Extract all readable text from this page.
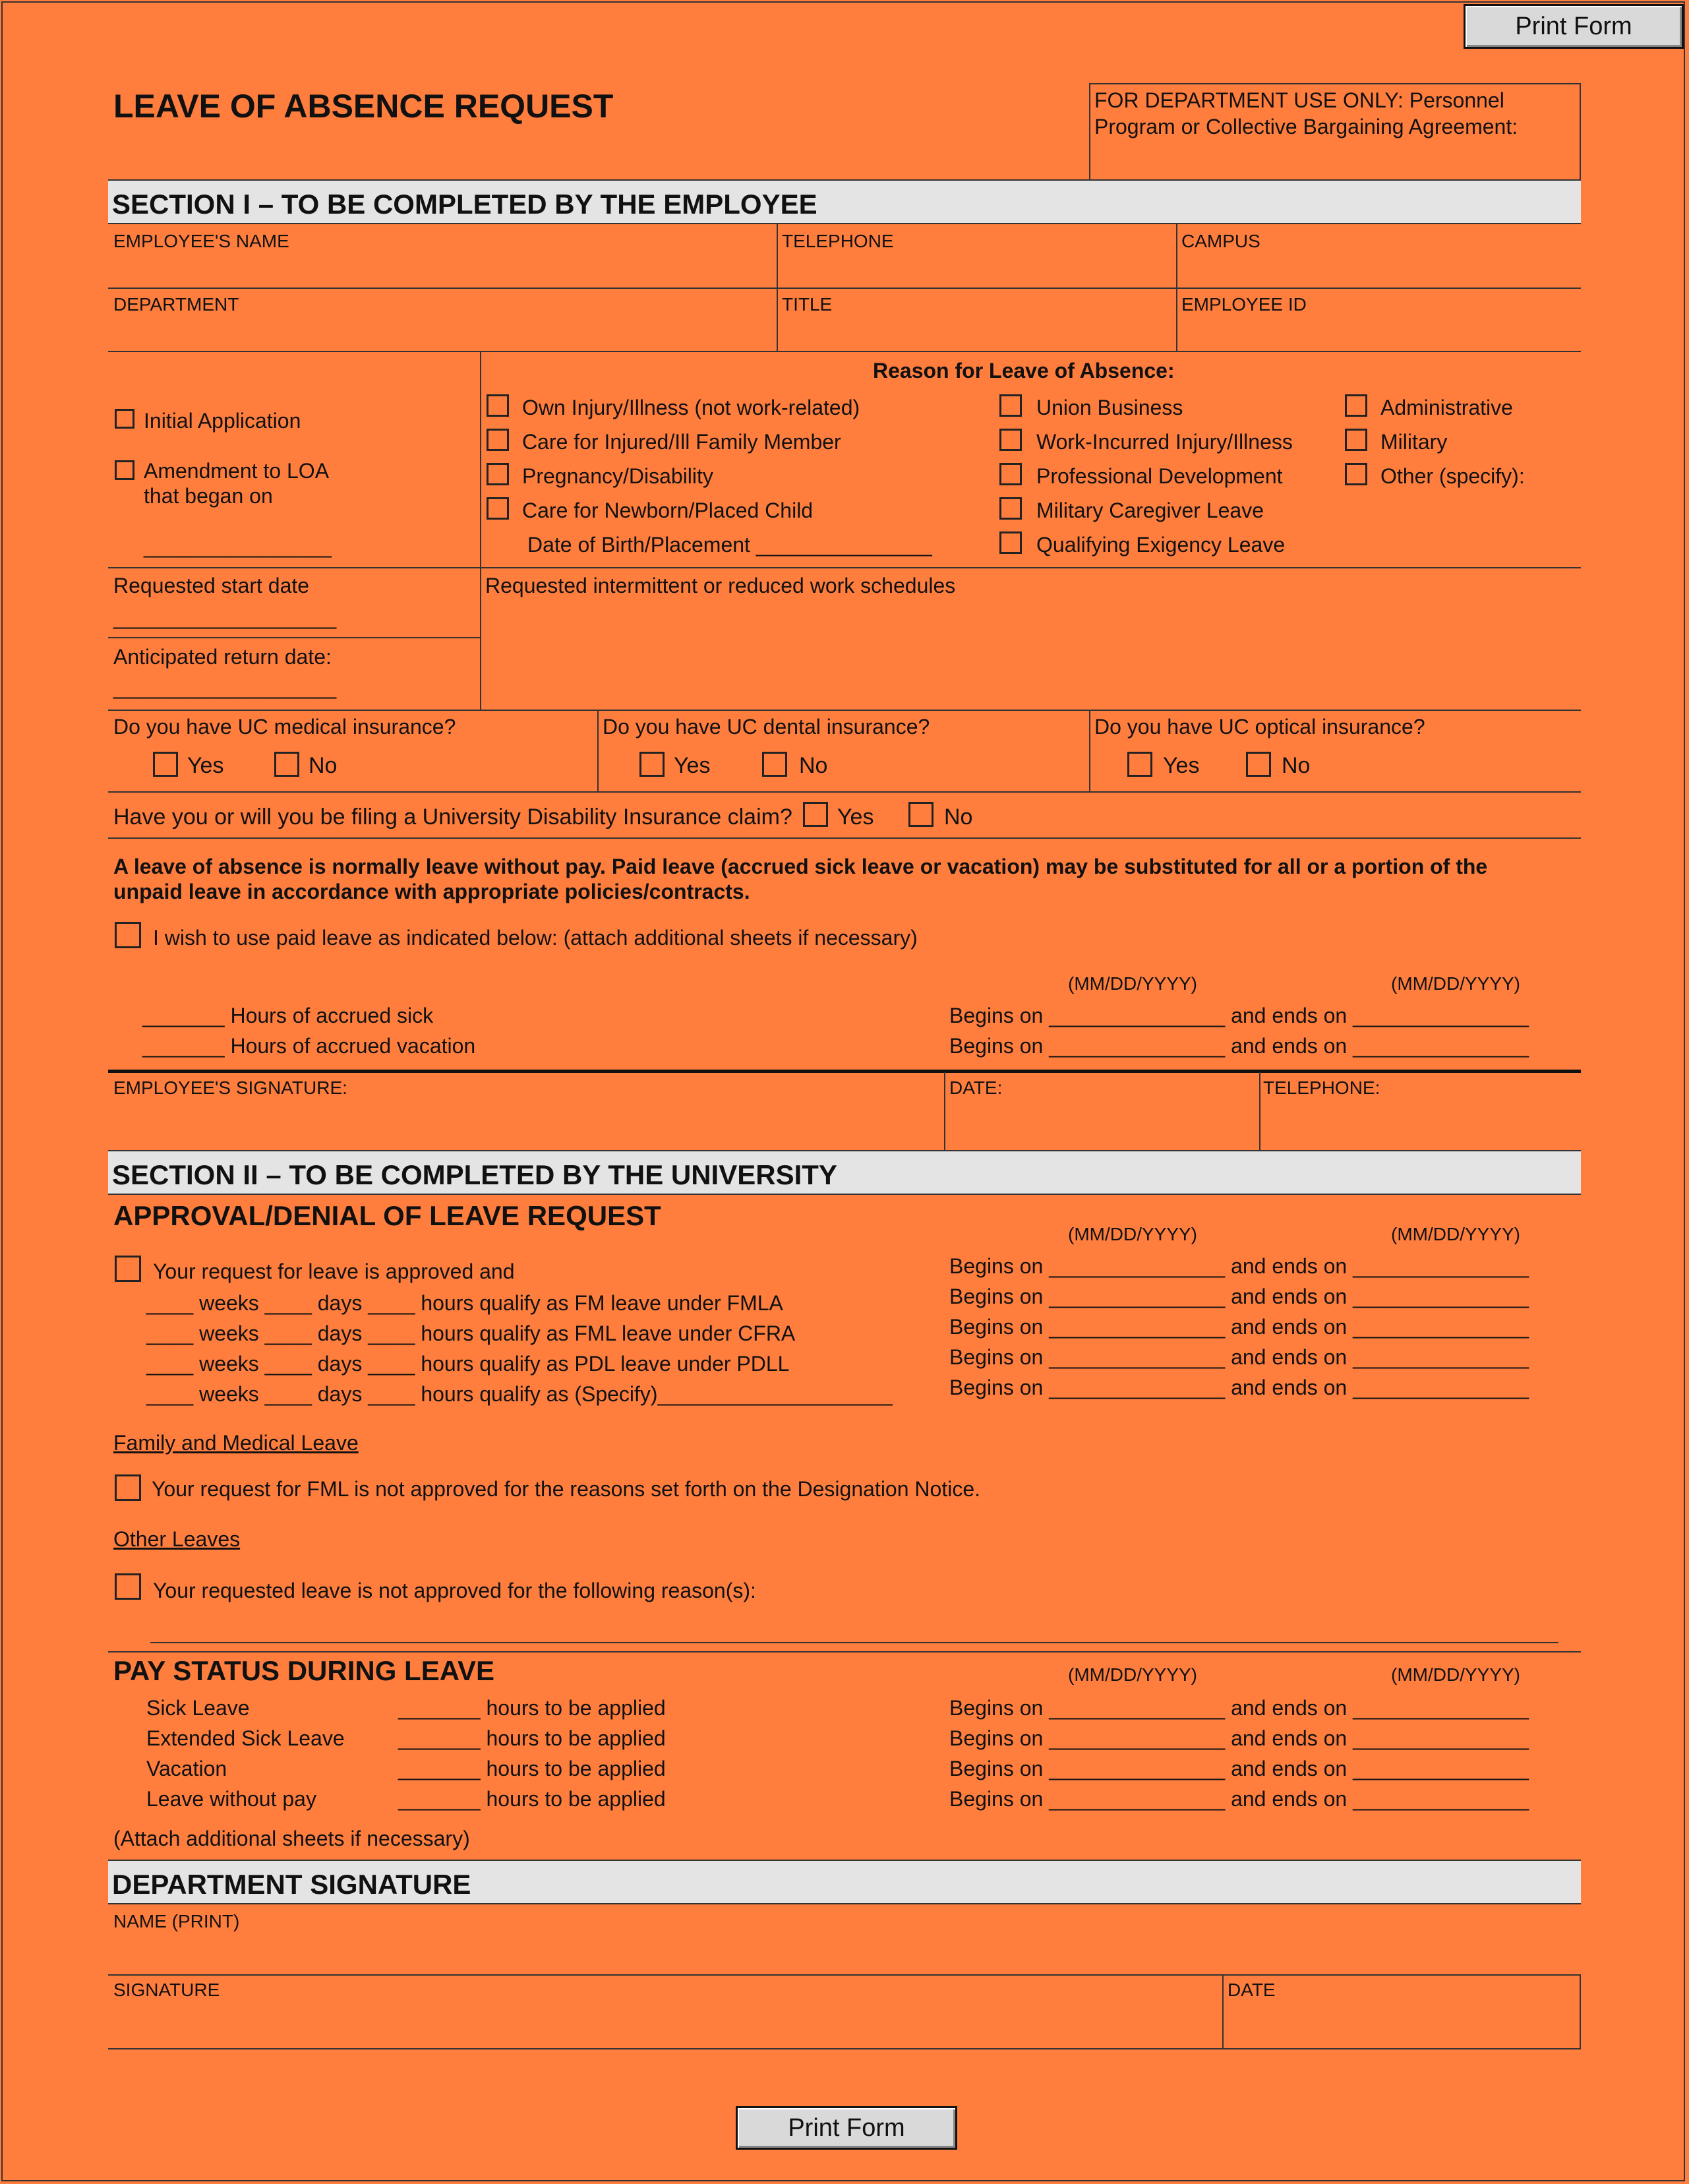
Print Form
LEAVE OF ABSENCE REQUEST	FOR DEPARTMENT USE ONLY: Personnel
Program or Collective Bargaining Agreement:
SECTION I – TO BE COMPLETED BY THE EMPLOYEE
EMPLOYEE'S NAME	TELEPHONE	CAMPUS
DEPARTMENT	TITLE	EMPLOYEE ID
Initial Application
Amendment to LOA
that began on
________________
Reason for Leave of Absence:
Own Injury/Illness (not work-related)
Care for Injured/Ill Family Member
Pregnancy/Disability
Care for Newborn/Placed Child
Date of Birth/Placement _______________
Union Business
Work-Incurred Injury/Illness
Professional Development
Military Caregiver Leave
Qualifying Exigency Leave
Administrative
Military
Other (specify):
Requested start date
___________________
Anticipated return date:
___________________
Requested intermittent or reduced work schedules
Do you have UC medical insurance?
Yes	No
Do you have UC dental insurance?
Yes	No
Do you have UC optical insurance?
Yes	No
Have you or will you be filing a University Disability Insurance claim? Yes	No
A leave of absence is normally leave without pay. Paid leave (accrued sick leave or vacation) may be substituted for all or a portion of the
unpaid leave in accordance with appropriate policies/contracts.
I wish to use paid leave as indicated below: (attach additional sheets if necessary)
(MM/DD/YYYY)	(MM/DD/YYYY)
_______ Hours of accrued sick	Begins on _______________ and ends on _______________
_______ Hours of accrued vacation	Begins on _______________ and ends on _______________
EMPLOYEE'S SIGNATURE:	DATE:	TELEPHONE:
SECTION II – TO BE COMPLETED BY THE UNIVERSITY
APPROVAL/DENIAL OF LEAVE REQUEST
(MM/DD/YYYY)	(MM/DD/YYYY)
Your request for leave is approved and	Begins on _______________ and ends on _______________
____ weeks ____ days ____ hours qualify as FM leave under FMLA	Begins on _______________ and ends on _______________
____ weeks ____ days ____ hours qualify as FML leave under CFRA	Begins on _______________ and ends on _______________
____ weeks ____ days ____ hours qualify as PDL leave under PDLL	Begins on _______________ and ends on _______________
____ weeks ____ days ____ hours qualify as (Specify)____________________	Begins on _______________ and ends on _______________
Family and Medical Leave
Your request for FML is not approved for the reasons set forth on the Designation Notice.
Other Leaves
Your requested leave is not approved for the following reason(s):
PAY STATUS DURING LEAVE	(MM/DD/YYYY)	(MM/DD/YYYY)
Sick Leave	_______ hours to be applied	Begins on _______________ and ends on _______________
Extended Sick Leave	_______ hours to be applied	Begins on _______________ and ends on _______________
Vacation	_______ hours to be applied	Begins on _______________ and ends on _______________
Leave without pay	_______ hours to be applied	Begins on _______________ and ends on _______________
(Attach additional sheets if necessary)
DEPARTMENT SIGNATURE
NAME (PRINT)
SIGNATURE	DATE
Print Form
